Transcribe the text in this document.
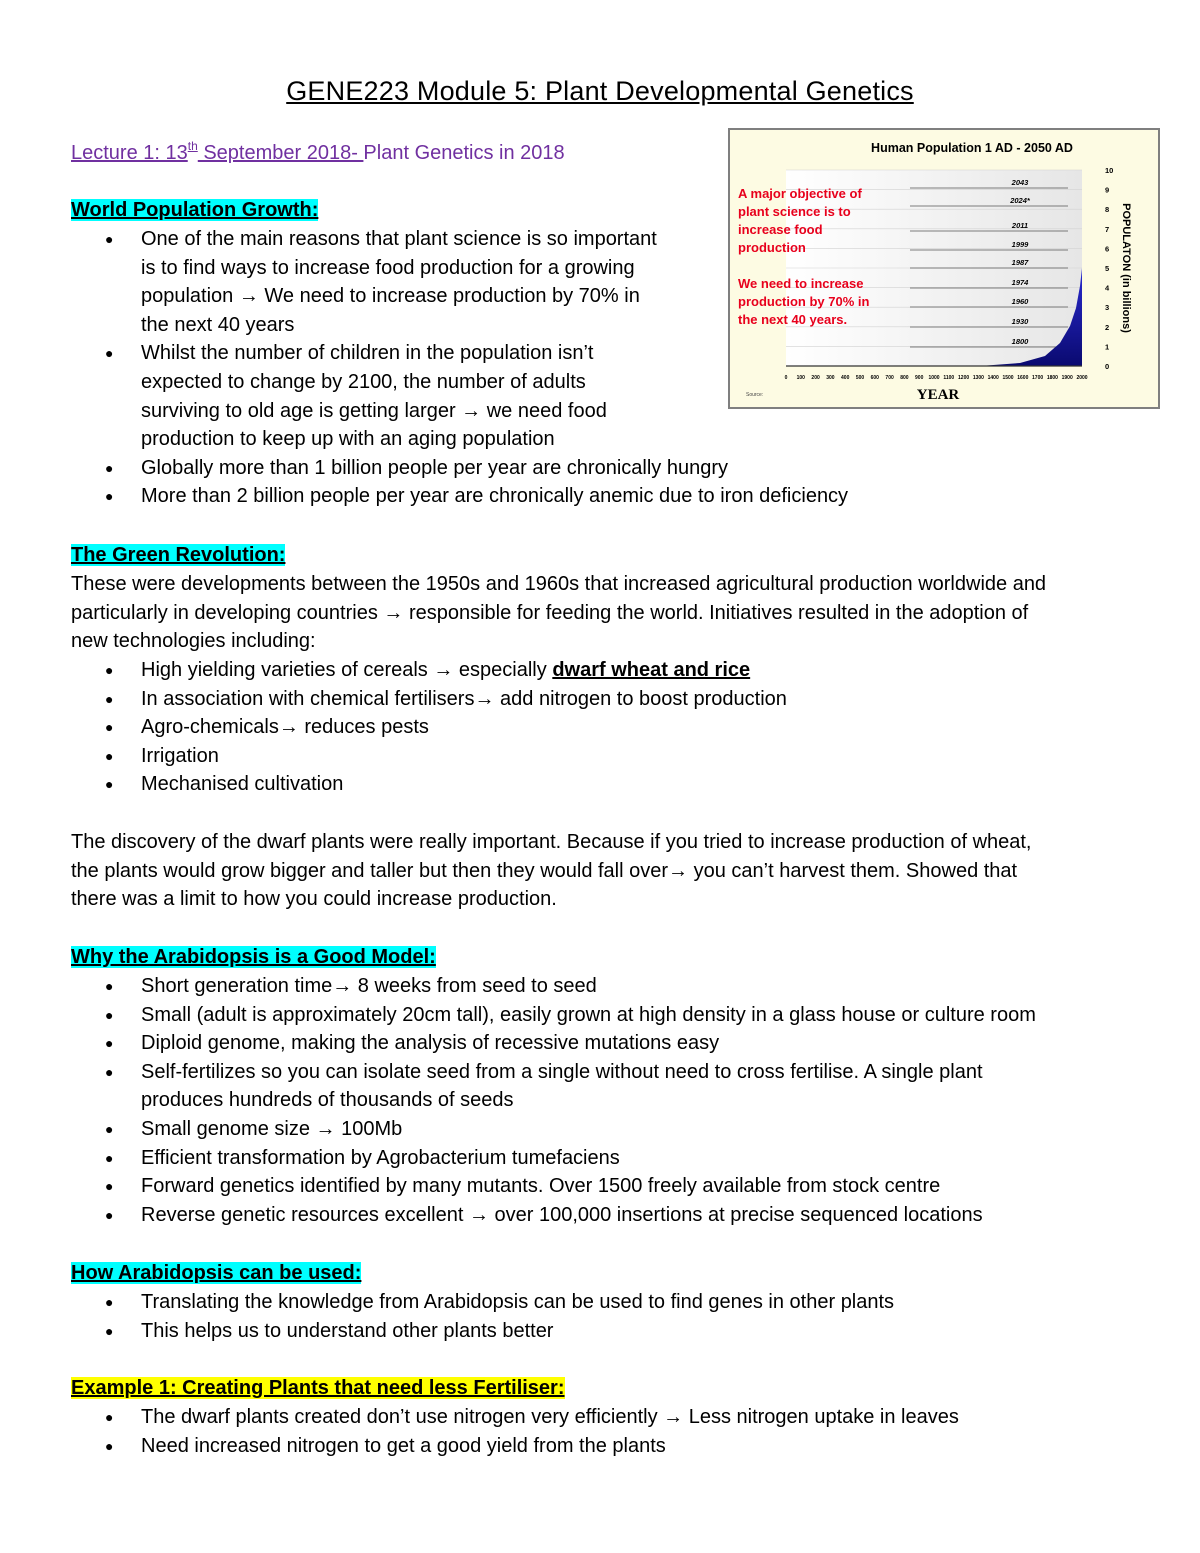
GENE223 Module 5: Plant Developmental Genetics
Lecture 1: 13th September 2018- Plant Genetics in 2018
World Population Growth:
● One of the main reasons that plant science is so important
is to find ways to increase food production for a growing
population → We need to increase production by 70% in
the next 40 years
● Whilst the number of children in the population isn’t
expected to change by 2100, the number of adults
surviving to old age is getting larger → we need food
production to keep up with an aging population
● Globally more than 1 billion people per year are chronically hungry
● More than 2 billion people per year are chronically anemic due to iron deficiency
The Green Revolution:
These were developments between the 1950s and 1960s that increased agricultural production worldwide and
particularly in developing countries → responsible for feeding the world. Initiatives resulted in the adoption of
new technologies including:
● High yielding varieties of cereals → especially dwarf wheat and rice
● In association with chemical fertilisers→ add nitrogen to boost production
● Agro-chemicals→ reduces pests
● Irrigation
● Mechanised cultivation
The discovery of the dwarf plants were really important. Because if you tried to increase production of wheat,
the plants would grow bigger and taller but then they would fall over→ you can’t harvest them. Showed that
there was a limit to how you could increase production.
Why the Arabidopsis is a Good Model:
● Short generation time→ 8 weeks from seed to seed
● Small (adult is approximately 20cm tall), easily grown at high density in a glass house or culture room
● Diploid genome, making the analysis of recessive mutations easy
● Self-fertilizes so you can isolate seed from a single without need to cross fertilise. A single plant
produces hundreds of thousands of seeds
● Small genome size → 100Mb
● Efficient transformation by Agrobacterium tumefaciens
● Forward genetics identified by many mutants. Over 1500 freely available from stock centre
● Reverse genetic resources excellent → over 100,000 insertions at precise sequenced locations
How Arabidopsis can be used:
● Translating the knowledge from Arabidopsis can be used to find genes in other plants
● This helps us to understand other plants better
Example 1: Creating Plants that need less Fertiliser:
● The dwarf plants created don’t use nitrogen very efficiently → Less nitrogen uptake in leaves
● Need increased nitrogen to get a good yield from the plants
Human Population 1 AD - 2050 AD
2043
2024*
2011
1999
1987
1974
1960
1930
1800
10
9
8
7
6
5
4
3
2
1
0
0 100 200 300 400 500 600 700 800 900 1000 1100 1200 1300 1400 1500 1600 1700 1800 1900 2000
YEAR
Source:
POPULATON (in billions)
A major objective of
plant science is to
increase food
production
We need to increase
production by 70% in
the next 40 years.
